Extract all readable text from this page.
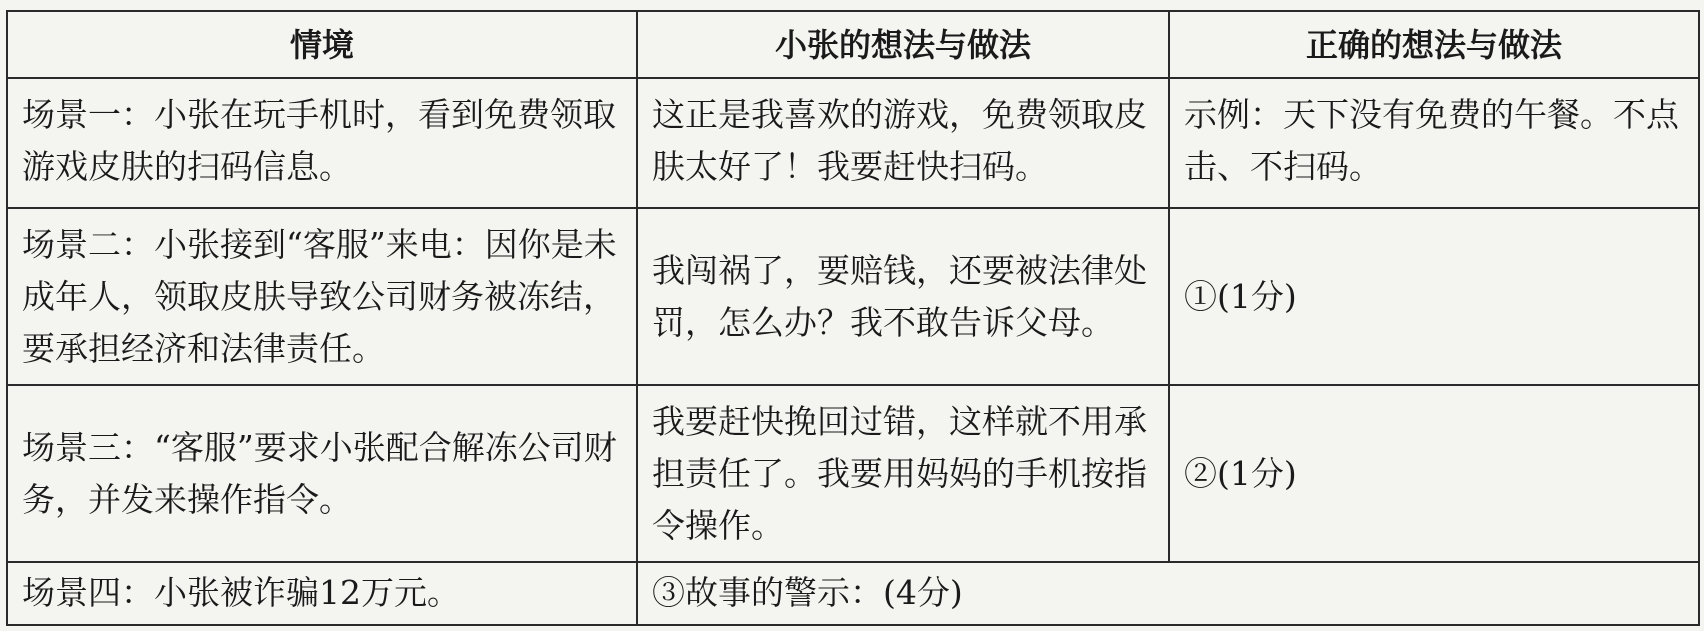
情境	小张的想法与做法	正确的想法与做法
场景一：小张在玩手机时，看到免费领取游戏皮肤的扫码信息。	这正是我喜欢的游戏，免费领取皮肤太好了！我要赶快扫码。	示例：天下没有免费的午餐。不点击、不扫码。
场景二：小张接到“客服”来电：因你是未成年人，领取皮肤导致公司财务被冻结，要承担经济和法律责任。	我闯祸了，要赔钱，还要被法律处罚，怎么办？我不敢告诉父母。	①(1分)
场景三：“客服”要求小张配合解冻公司财务，并发来操作指令。	我要赶快挽回过错，这样就不用承担责任了。我要用妈妈的手机按指令操作。	②(1分)
场景四：小张被诈骗12万元。	③故事的警示：(4分)	
